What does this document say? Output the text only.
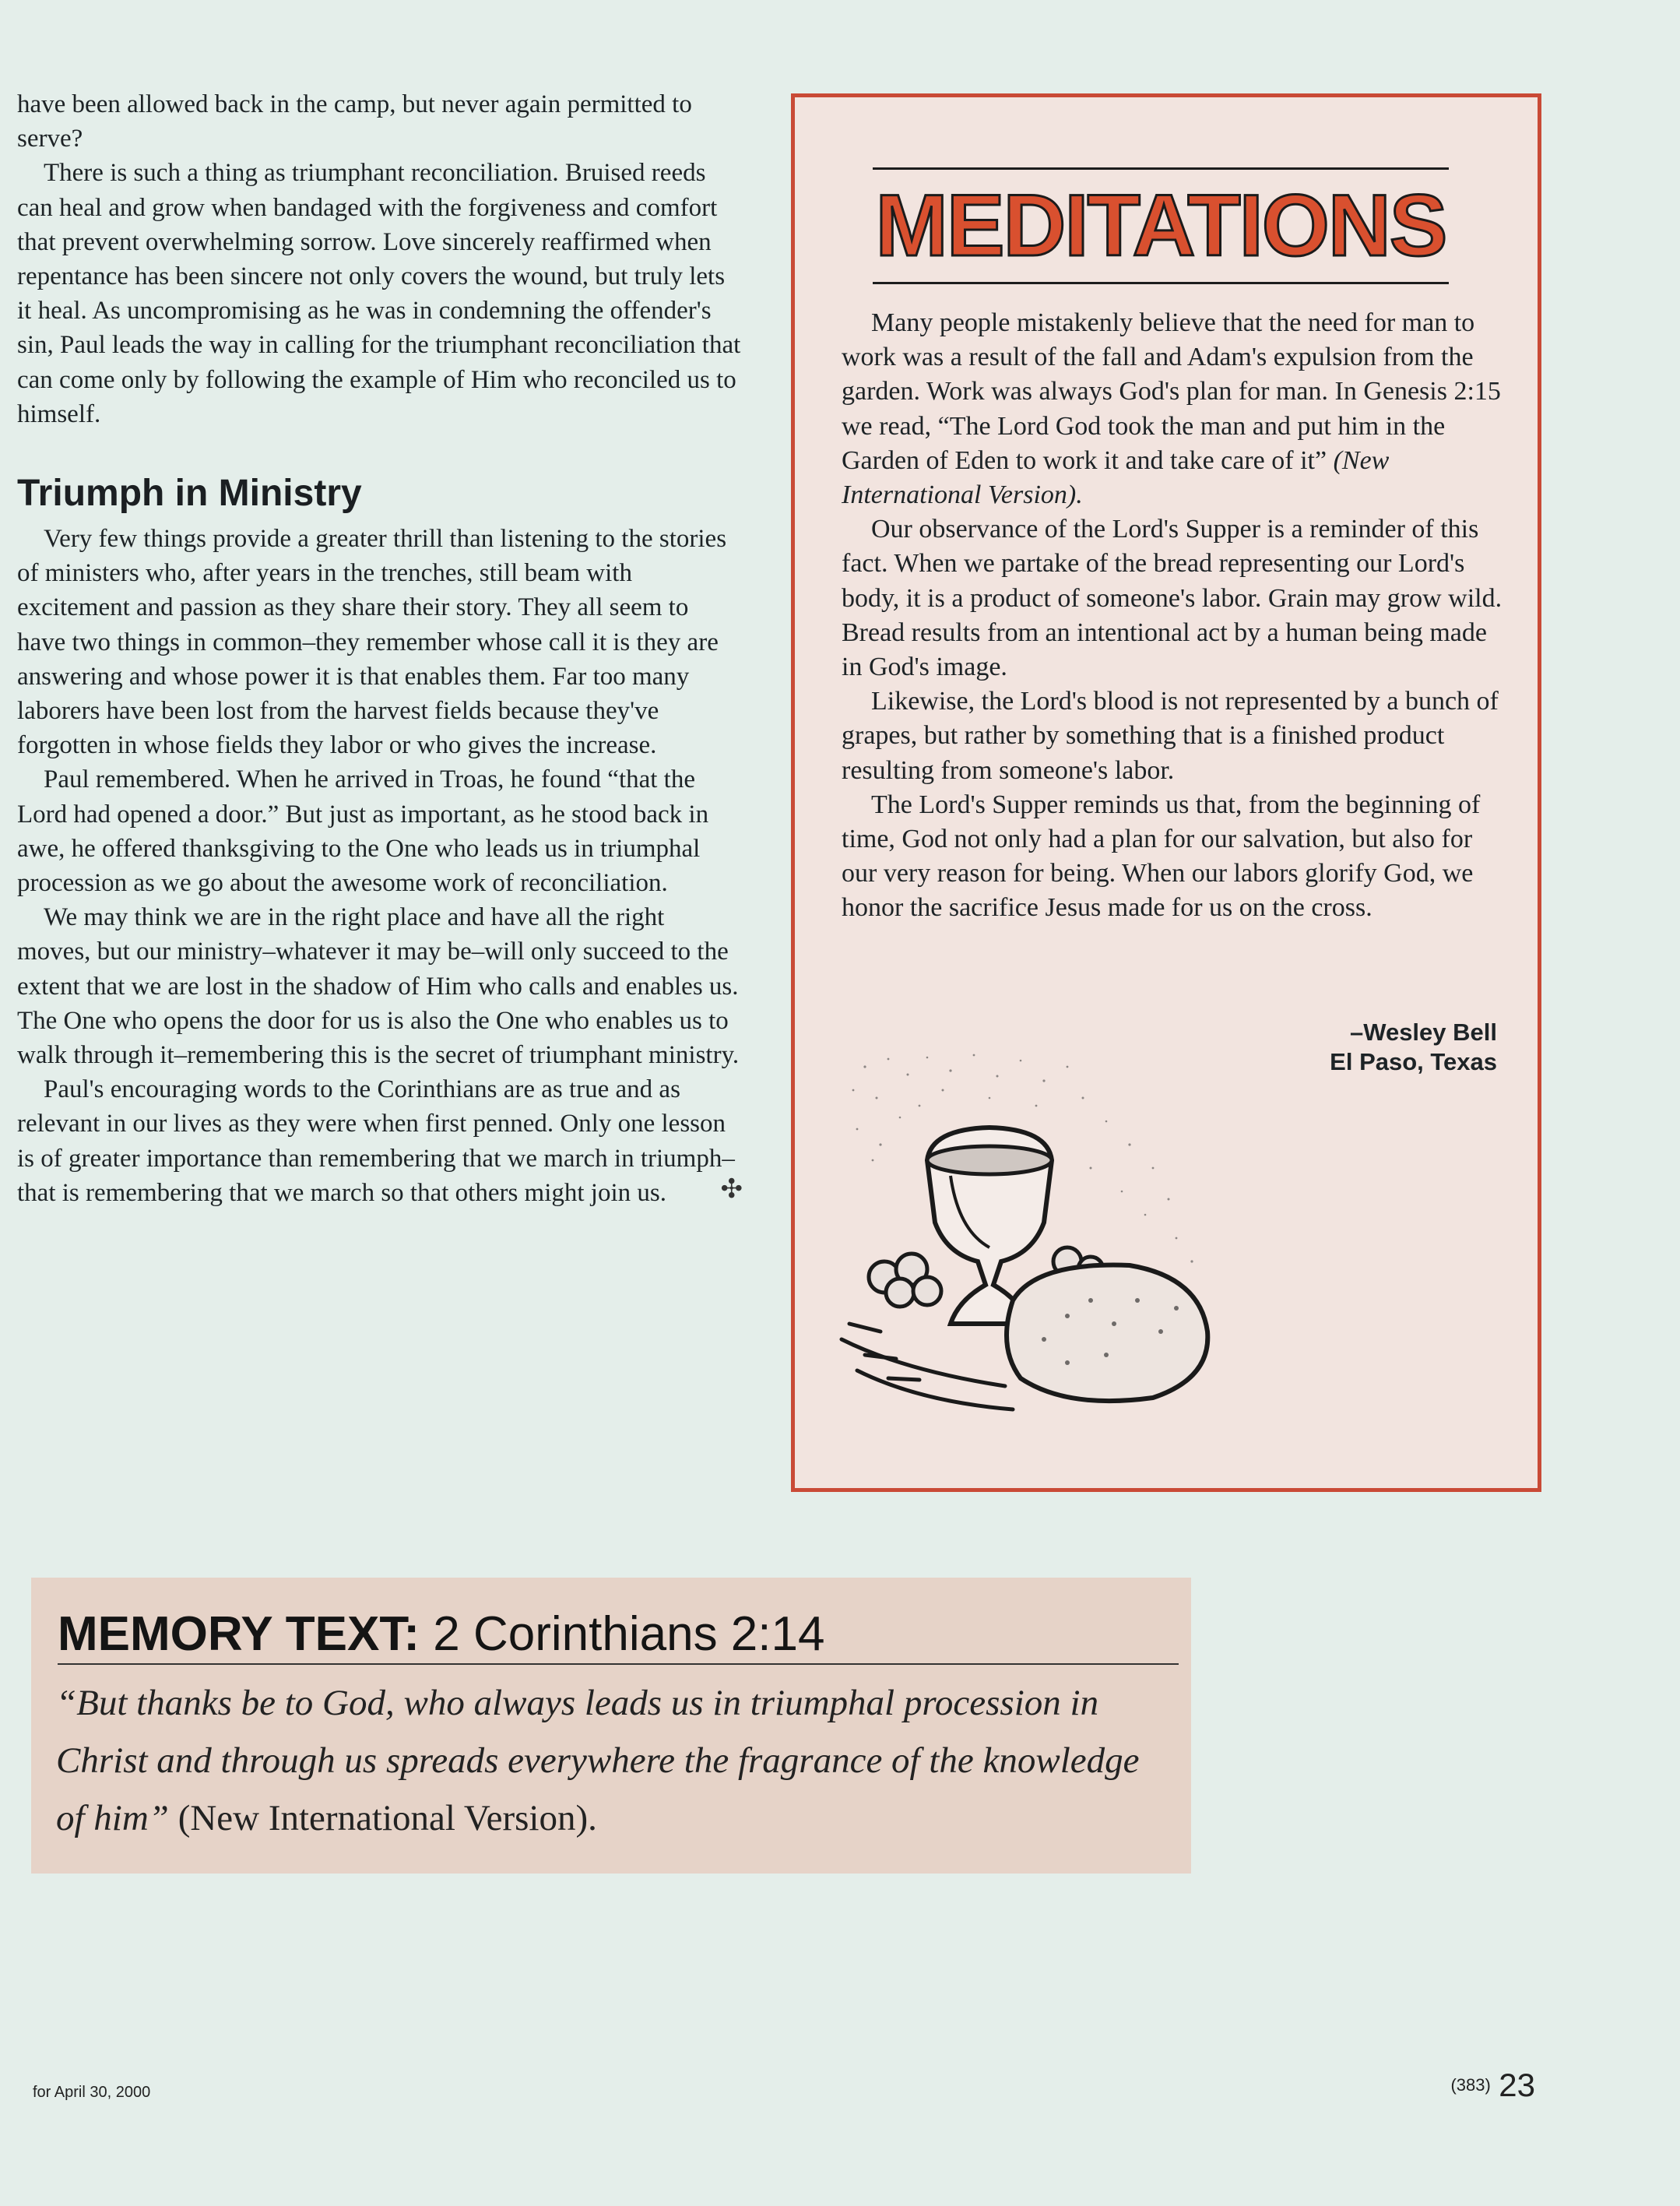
have been allowed back in the camp, but never again permitted to serve?

There is such a thing as triumphant reconciliation. Bruised reeds can heal and grow when bandaged with the forgiveness and comfort that prevent overwhelming sorrow. Love sincerely reaffirmed when repentance has been sincere not only covers the wound, but truly lets it heal. As uncompromising as he was in condemning the offender's sin, Paul leads the way in calling for the triumphant reconciliation that can come only by following the example of Him who reconciled us to himself.

Triumph in Ministry

Very few things provide a greater thrill than listening to the stories of ministers who, after years in the trenches, still beam with excitement and passion as they share their story. They all seem to have two things in common–they remember whose call it is they are answering and whose power it is that enables them. Far too many laborers have been lost from the harvest fields because they've forgotten in whose fields they labor or who gives the increase.

Paul remembered. When he arrived in Troas, he found “that the Lord had opened a door.” But just as important, as he stood back in awe, he offered thanksgiving to the One who leads us in triumphal procession as we go about the awesome work of reconciliation.

We may think we are in the right place and have all the right moves, but our ministry–whatever it may be–will only succeed to the extent that we are lost in the shadow of Him who calls and enables us. The One who opens the door for us is also the One who enables us to walk through it–remembering this is the secret of triumphant ministry.

Paul's encouraging words to the Corinthians are as true and as relevant in our lives as they were when first penned. Only one lesson is of greater importance than remembering that we march in triumph–that is remembering that we march so that others might join us.	✣
MEDITATIONS

Many people mistakenly believe that the need for man to work was a result of the fall and Adam's expulsion from the garden. Work was always God's plan for man. In Genesis 2:15 we read, “The Lord God took the man and put him in the Garden of Eden to work it and take care of it” (New International Version).

Our observance of the Lord's Supper is a reminder of this fact. When we partake of the bread representing our Lord's body, it is a product of someone's labor. Grain may grow wild. Bread results from an intentional act by a human being made in God's image.

Likewise, the Lord's blood is not represented by a bunch of grapes, but rather by something that is a finished product resulting from someone's labor.

The Lord's Supper reminds us that, from the beginning of time, God not only had a plan for our salvation, but also for our very reason for being. When our labors glorify God, we honor the sacrifice Jesus made for us on the cross.

–Wesley Bell
El Paso, Texas
MEMORY TEXT: 2 Corinthians 2:14
“But thanks be to God, who always leads us in triumphal procession in Christ and through us spreads everywhere the fragrance of the knowledge of him” (New International Version).
for April 30, 2000	(383) 23
